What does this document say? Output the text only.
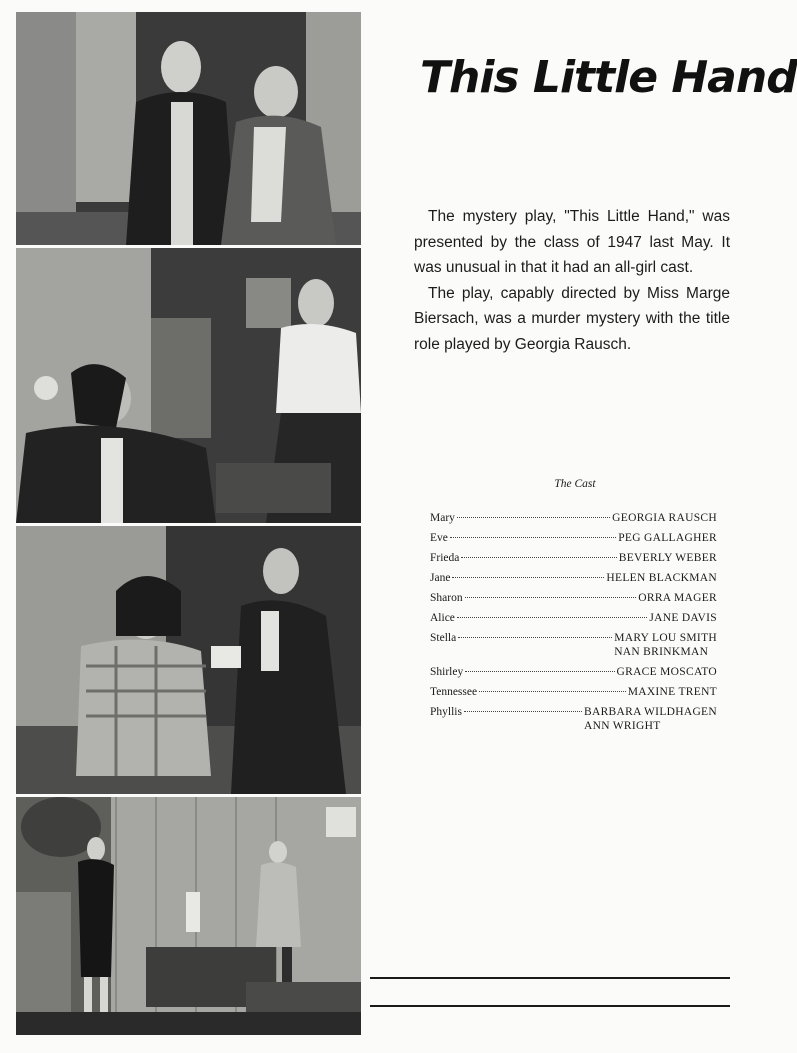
This Little Hand

The mystery play, "This Little Hand," was presented by the class of 1947 last May. It was unusual in that it had an all-girl cast.

The play, capably directed by Miss Marge Biersach, was a murder mystery with the title role played by Georgia Rausch.

The Cast
Mary	GEORGIA RAUSCH
Eve	PEG GALLAGHER
Frieda	BEVERLY WEBER
Jane	HELEN BLACKMAN
Sharon	ORRA MAGER
Alice	JANE DAVIS
Stella	MARY LOU SMITH
NAN BRINKMAN
Shirley	GRACE MOSCATO
Tennessee	MAXINE TRENT
Phyllis	BARBARA WILDHAGEN
ANN WRIGHT
